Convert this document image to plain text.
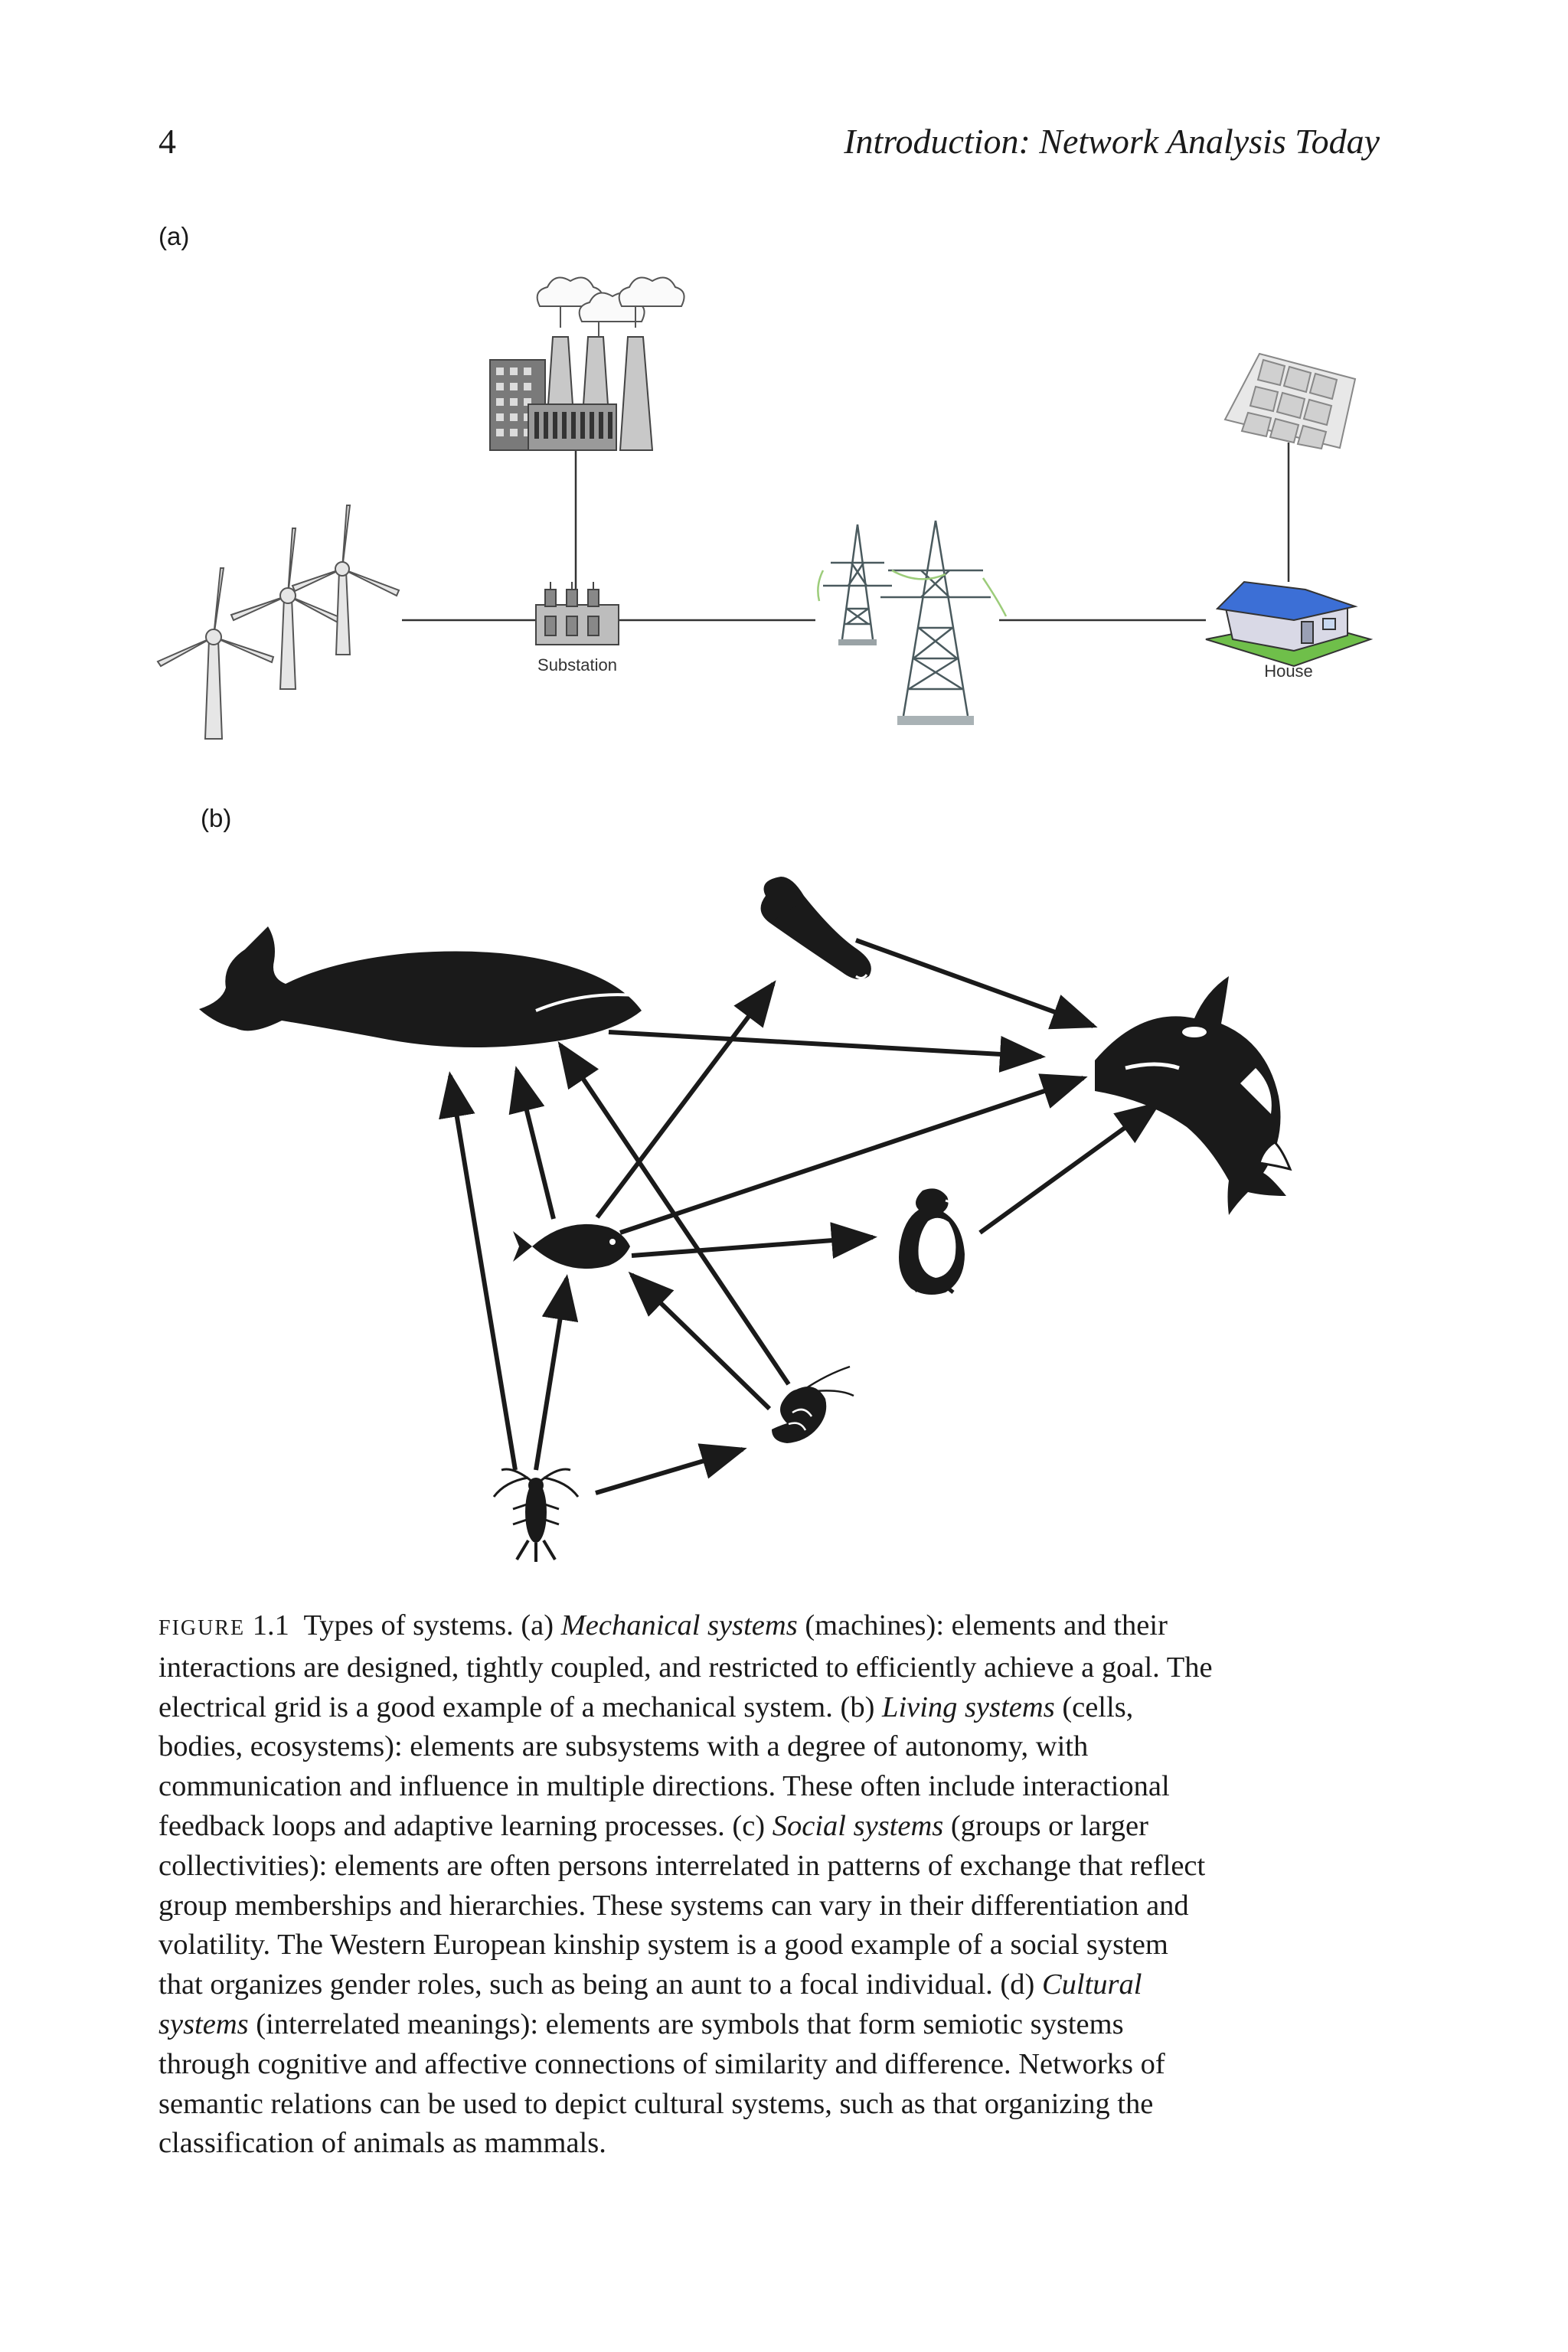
4	Introduction: Network Analysis Today
(a)
(b)
Substation	House
FIGURE 1.1 Types of systems. (a) Mechanical systems (machines): elements and their
interactions are designed, tightly coupled, and restricted to efficiently achieve a goal. The
electrical grid is a good example of a mechanical system. (b) Living systems (cells,
bodies, ecosystems): elements are subsystems with a degree of autonomy, with
communication and influence in multiple directions. These often include interactional
feedback loops and adaptive learning processes. (c) Social systems (groups or larger
collectivities): elements are often persons interrelated in patterns of exchange that reflect
group memberships and hierarchies. These systems can vary in their differentiation and
volatility. The Western European kinship system is a good example of a social system
that organizes gender roles, such as being an aunt to a focal individual. (d) Cultural
systems (interrelated meanings): elements are symbols that form semiotic systems
through cognitive and affective connections of similarity and difference. Networks of
semantic relations can be used to depict cultural systems, such as that organizing the
classification of animals as mammals.
